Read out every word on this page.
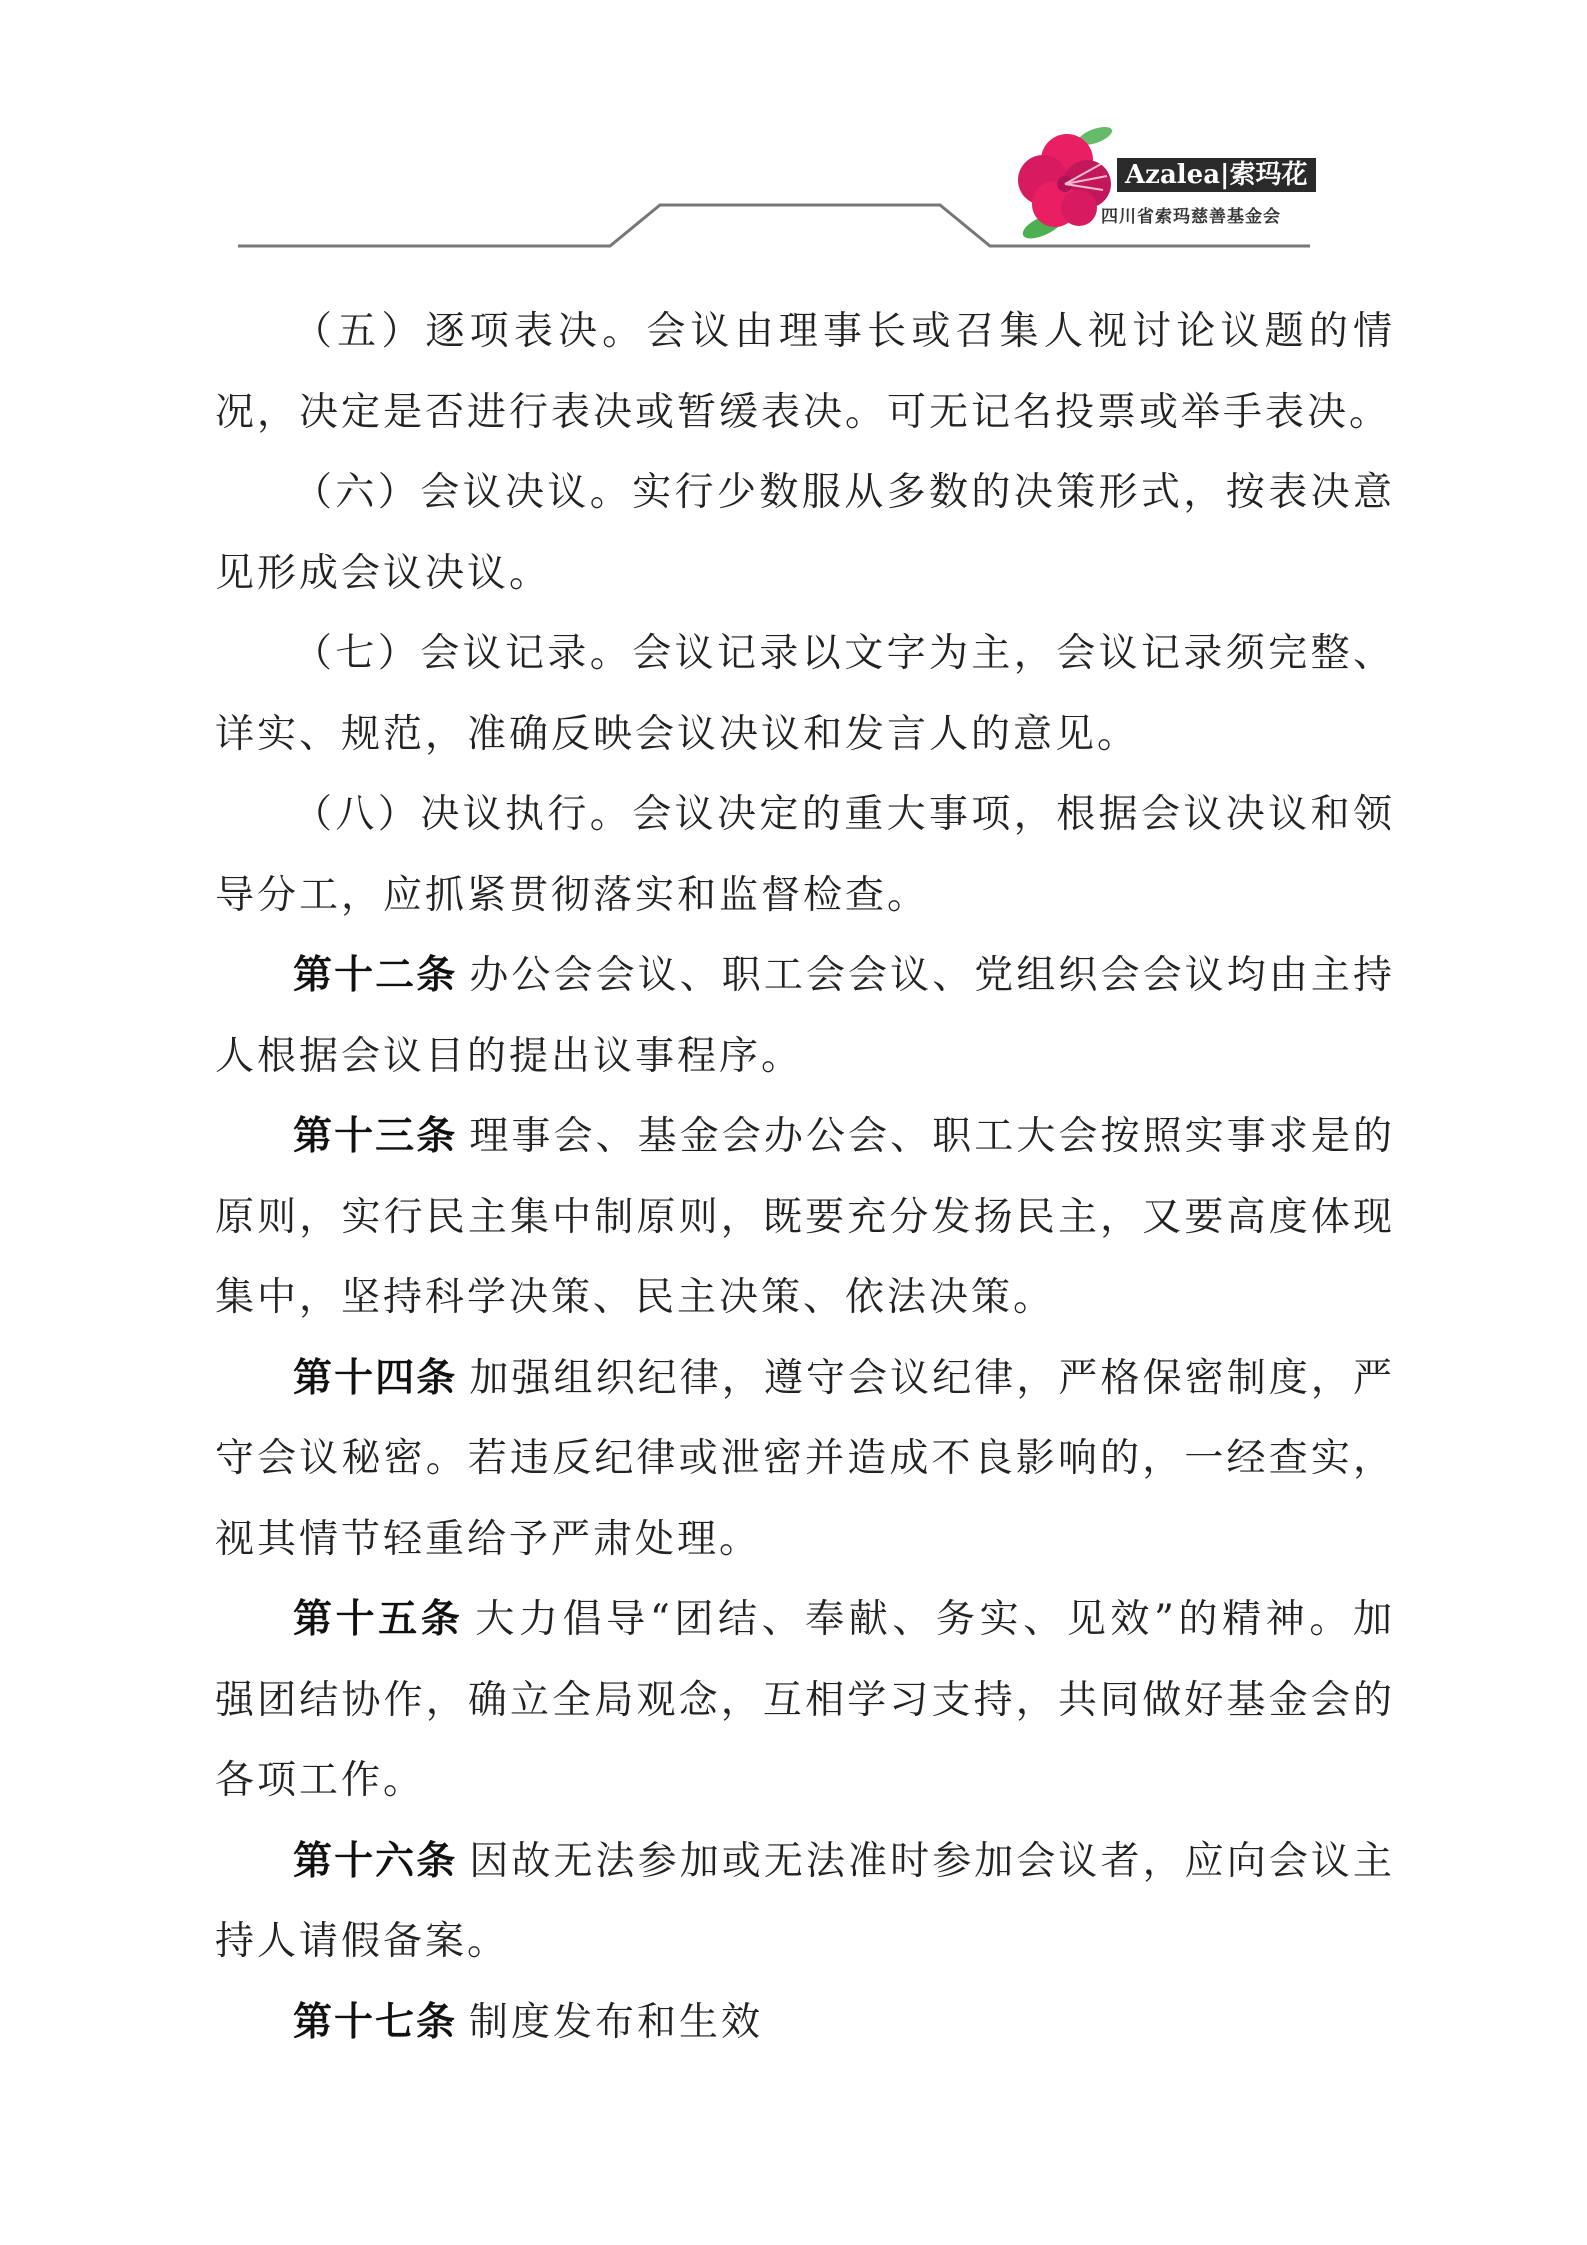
Azalea|索玛花
四川省索玛慈善基金会

（五）逐项表决。会议由理事长或召集人视讨论议题的情况，决定是否进行表决或暂缓表决。可无记名投票或举手表决。

（六）会议决议。实行少数服从多数的决策形式，按表决意见形成会议决议。

（七）会议记录。会议记录以文字为主，会议记录须完整、详实、规范，准确反映会议决议和发言人的意见。

（八）决议执行。会议决定的重大事项，根据会议决议和领导分工，应抓紧贯彻落实和监督检查。

第十二条 办公会会议、职工会会议、党组织会会议均由主持人根据会议目的提出议事程序。

第十三条 理事会、基金会办公会、职工大会按照实事求是的原则，实行民主集中制原则，既要充分发扬民主，又要高度体现集中，坚持科学决策、民主决策、依法决策。

第十四条 加强组织纪律，遵守会议纪律，严格保密制度，严守会议秘密。若违反纪律或泄密并造成不良影响的，一经查实，视其情节轻重给予严肃处理。

第十五条 大力倡导“团结、奉献、务实、见效”的精神。加强团结协作，确立全局观念，互相学习支持，共同做好基金会的各项工作。

第十六条 因故无法参加或无法准时参加会议者，应向会议主持人请假备案。

第十七条 制度发布和生效
